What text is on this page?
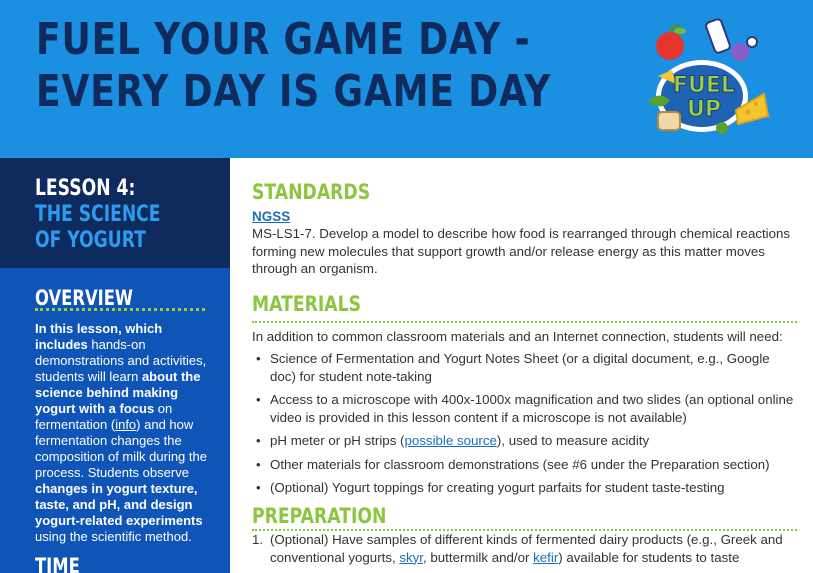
FUEL YOUR GAME DAY -
EVERY DAY IS GAME DAY	FUEL
UP
LESSON 4:
THE SCIENCE
OF YOGURT
OVERVIEW
In this lesson, which includes hands-on demonstrations and activities, students will learn about the science behind making yogurt with a focus on fermentation (info) and how fermentation changes the composition of milk during the process. Students observe changes in yogurt texture, taste, and pH, and design yogurt-related experiments using the scientific method.
TIME
STANDARDS
NGSS
MS-LS1-7. Develop a model to describe how food is rearranged through chemical reactions forming new molecules that support growth and/or release energy as this matter moves through an organism.
MATERIALS
In addition to common classroom materials and an Internet connection, students will need:
• Science of Fermentation and Yogurt Notes Sheet (or a digital document, e.g., Google doc) for student note-taking
• Access to a microscope with 400x-1000x magnification and two slides (an optional online video is provided in this lesson content if a microscope is not available)
• pH meter or pH strips (possible source), used to measure acidity
• Other materials for classroom demonstrations (see #6 under the Preparation section)
• (Optional) Yogurt toppings for creating yogurt parfaits for student taste-testing
PREPARATION
1. (Optional) Have samples of different kinds of fermented dairy products (e.g., Greek and conventional yogurts, skyr, buttermilk and/or kefir) available for students to taste
